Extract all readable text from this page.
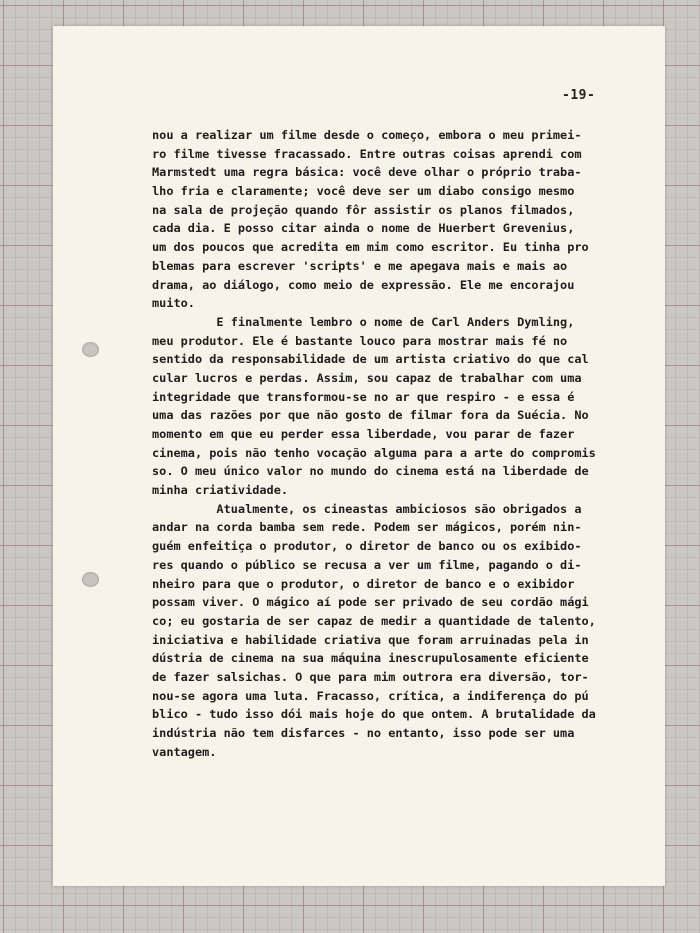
-19-
nou a realizar um filme desde o começo, embora o meu primei-
ro filme tivesse fracassado. Entre outras coisas aprendi com
Marmstedt uma regra básica: você deve olhar o próprio traba-
lho fria e claramente; você deve ser um diabo consigo mesmo
na sala de projeção quando fôr assistir os planos filmados,
cada dia. E posso citar ainda o nome de Huerbert Grevenius,
um dos poucos que acredita em mim como escritor. Eu tinha pro
blemas para escrever 'scripts' e me apegava mais e mais ao
drama, ao diálogo, como meio de expressão. Ele me encorajou
muito.
E finalmente lembro o nome de Carl Anders Dymling,
meu produtor. Ele é bastante louco para mostrar mais fé no
sentido da responsabilidade de um artista criativo do que cal
cular lucros e perdas. Assim, sou capaz de trabalhar com uma
integridade que transformou-se no ar que respiro - e essa é
uma das razões por que não gosto de filmar fora da Suécia. No
momento em que eu perder essa liberdade, vou parar de fazer
cinema, pois não tenho vocação alguma para a arte do compromis
so. O meu único valor no mundo do cinema está na liberdade de
minha criatividade.
Atualmente, os cineastas ambiciosos são obrigados a
andar na corda bamba sem rede. Podem ser mágicos, porém nin-
guém enfeitiça o produtor, o diretor de banco ou os exibido-
res quando o público se recusa a ver um filme, pagando o di-
nheiro para que o produtor, o diretor de banco e o exibidor
possam viver. O mágico aí pode ser privado de seu cordão mági
co; eu gostaria de ser capaz de medir a quantidade de talento,
iniciativa e habilidade criativa que foram arruinadas pela in
dústria de cinema na sua máquina inescrupulosamente eficiente
de fazer salsichas. O que para mim outrora era diversão, tor-
nou-se agora uma luta. Fracasso, crítica, a indiferença do pú
blico - tudo isso dói mais hoje do que ontem. A brutalidade da
indústria não tem disfarces - no entanto, isso pode ser uma
vantagem.
